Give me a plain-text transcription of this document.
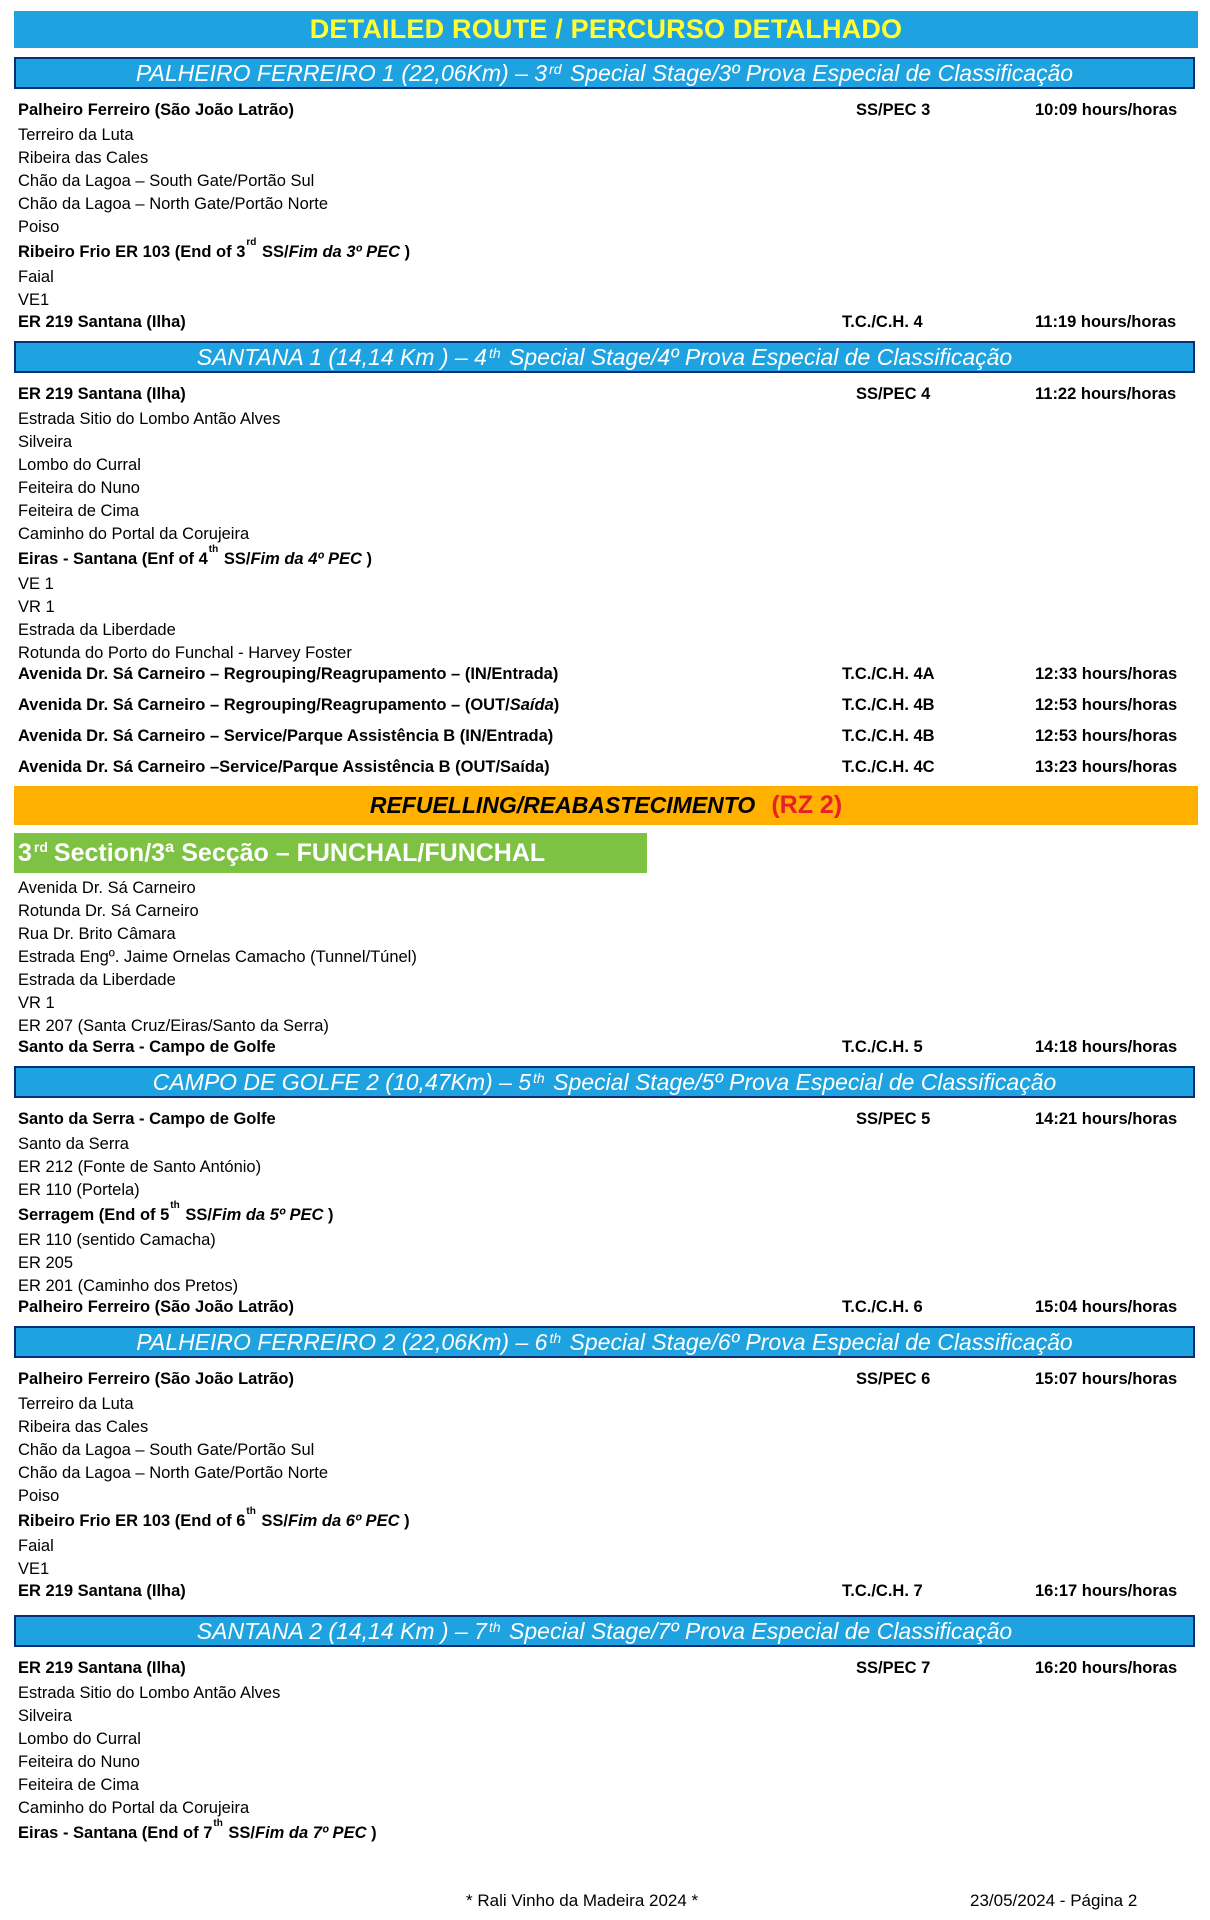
DETAILED ROUTE / PERCURSO DETALHADO
PALHEIRO FERREIRO 1 (22,06Km) – 3rd
Special Stage/3º Prova Especial de Classificação
Palheiro Ferreiro (São João Latrão)	SS/PEC 3	10:09 hours/horas
Terreiro da Luta
Ribeira das Cales
Chão da Lagoa – South Gate/Portão Sul
Chão da Lagoa – North Gate/Portão Norte
Poiso
Ribeiro Frio ER 103 (End of 3rd SS/Fim da 3º PEC )
Faial
VE1
ER 219 Santana (Ilha)	T.C./C.H. 4	11:19 hours/horas
SANTANA 1 (14,14 Km ) – 4th
Special Stage/4º Prova Especial de Classificação
ER 219 Santana (Ilha)	SS/PEC 4	11:22 hours/horas
Estrada Sitio do Lombo Antão Alves
Silveira
Lombo do Curral
Feiteira do Nuno
Feiteira de Cima
Caminho do Portal da Corujeira
Eiras - Santana (Enf of 4th SS/Fim da 4º PEC )
VE 1
VR 1
Estrada da Liberdade
Rotunda do Porto do Funchal - Harvey Foster
Avenida Dr. Sá Carneiro – Regrouping/Reagrupamento – (IN/Entrada)	T.C./C.H. 4A	12:33 hours/horas
Avenida Dr. Sá Carneiro – Regrouping/Reagrupamento – (OUT/Saída)	T.C./C.H. 4B	12:53 hours/horas
Avenida Dr. Sá Carneiro – Service/Parque Assistência B (IN/Entrada)	T.C./C.H. 4B	12:53 hours/horas
Avenida Dr. Sá Carneiro –Service/Parque Assistência B (OUT/Saída)	T.C./C.H. 4C	13:23 hours/horas
REFUELLING/REABASTECIMENTO (RZ 2)
3rd Section/3ª Secção – FUNCHAL/FUNCHAL
Avenida Dr. Sá Carneiro
Rotunda Dr. Sá Carneiro
Rua Dr. Brito Câmara
Estrada Engº. Jaime Ornelas Camacho (Tunnel/Túnel)
Estrada da Liberdade
VR 1
ER 207 (Santa Cruz/Eiras/Santo da Serra)
Santo da Serra - Campo de Golfe	T.C./C.H. 5	14:18 hours/horas
CAMPO DE GOLFE 2 (10,47Km) – 5th
Special Stage/5º Prova Especial de Classificação
Santo da Serra - Campo de Golfe	SS/PEC 5	14:21 hours/horas
Santo da Serra
ER 212 (Fonte de Santo António)
ER 110 (Portela)
Serragem (End of 5th SS/Fim da 5º PEC )
ER 110 (sentido Camacha)
ER 205
ER 201 (Caminho dos Pretos)
Palheiro Ferreiro (São João Latrão)	T.C./C.H. 6	15:04 hours/horas
PALHEIRO FERREIRO 2 (22,06Km) – 6th
Special Stage/6º Prova Especial de Classificação
Palheiro Ferreiro (São João Latrão)	SS/PEC 6	15:07 hours/horas
Terreiro da Luta
Ribeira das Cales
Chão da Lagoa – South Gate/Portão Sul
Chão da Lagoa – North Gate/Portão Norte
Poiso
Ribeiro Frio ER 103 (End of 6th SS/Fim da 6º PEC )
Faial
VE1
ER 219 Santana (Ilha)	T.C./C.H. 7	16:17 hours/horas
SANTANA 2 (14,14 Km ) – 7th
Special Stage/7º Prova Especial de Classificação
ER 219 Santana (Ilha)	SS/PEC 7	16:20 hours/horas
Estrada Sitio do Lombo Antão Alves
Silveira
Lombo do Curral
Feiteira do Nuno
Feiteira de Cima
Caminho do Portal da Corujeira
Eiras - Santana (End of 7th SS/Fim da 7º PEC )
* Rali Vinho da Madeira 2024 *	23/05/2024 - Página 2
